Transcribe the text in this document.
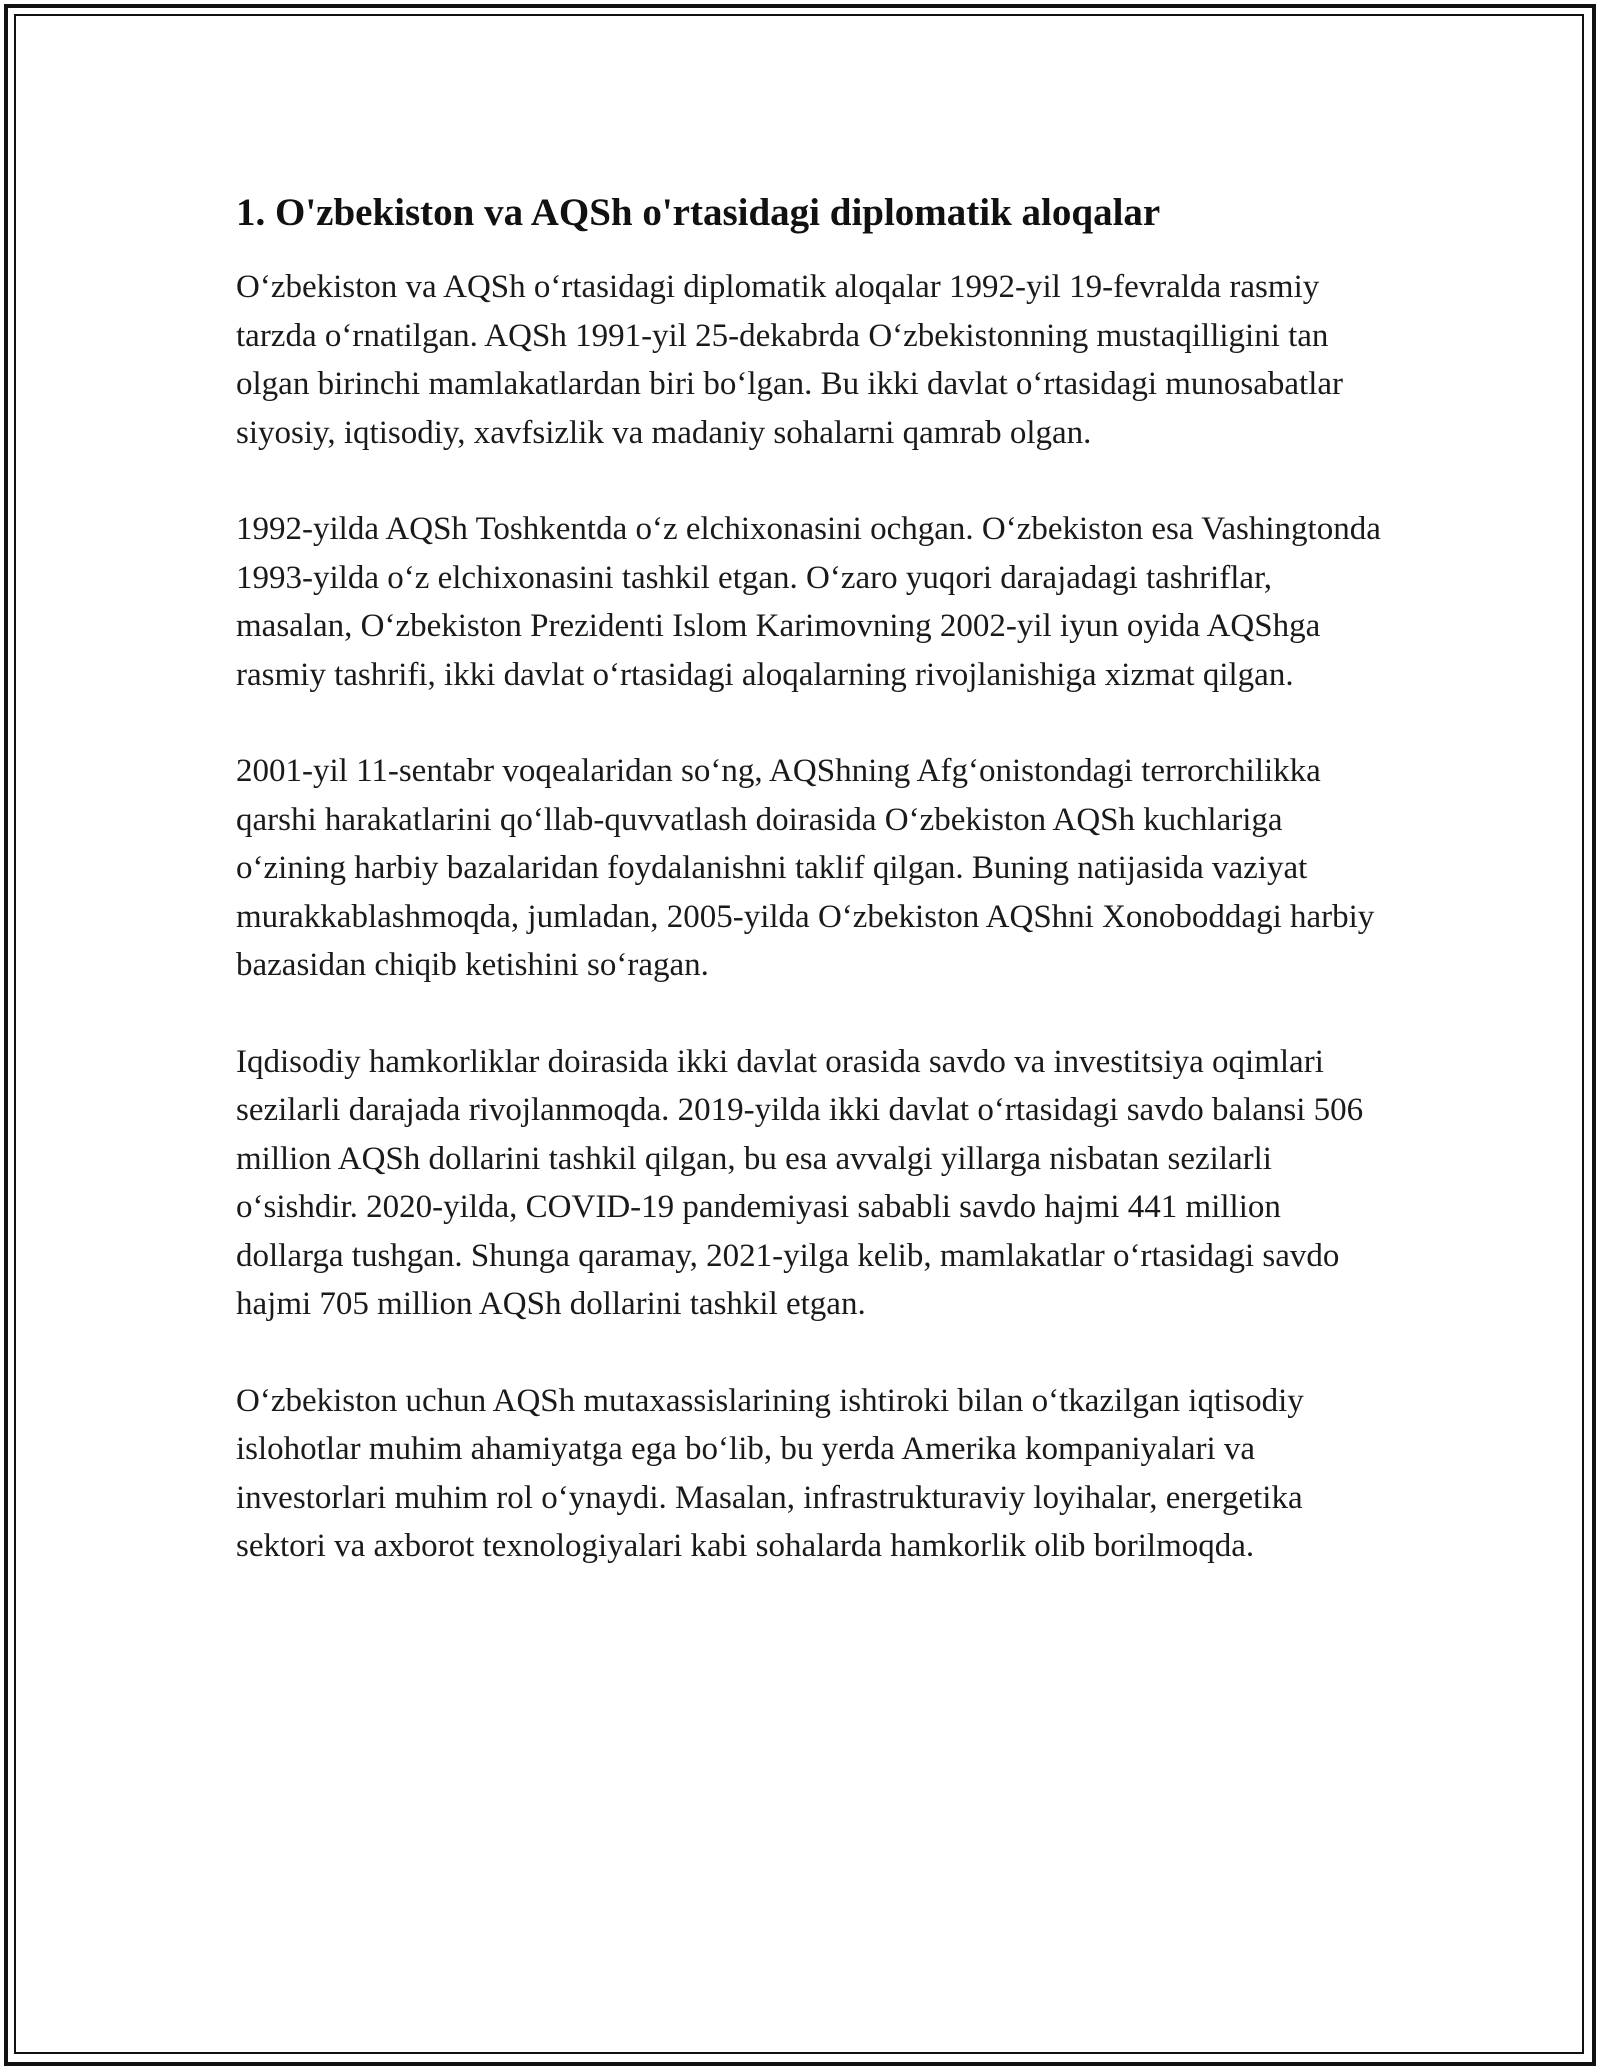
1. O'zbekiston va AQSh o'rtasidagi diplomatik aloqalar

O‘zbekiston va AQSh o‘rtasidagi diplomatik aloqalar 1992-yil 19-fevralda rasmiy tarzda o‘rnatilgan. AQSh 1991-yil 25-dekabrda O‘zbekistonning mustaqilligini tan olgan birinchi mamlakatlardan biri bo‘lgan. Bu ikki davlat o‘rtasidagi munosabatlar siyosiy, iqtisodiy, xavfsizlik va madaniy sohalarni qamrab olgan.

1992-yilda AQSh Toshkentda o‘z elchixonasini ochgan. O‘zbekiston esa Vashingtonda 1993-yilda o‘z elchixonasini tashkil etgan. O‘zaro yuqori darajadagi tashriflar, masalan, O‘zbekiston Prezidenti Islom Karimovning 2002-yil iyun oyida AQShga rasmiy tashrifi, ikki davlat o‘rtasidagi aloqalarning rivojlanishiga xizmat qilgan.

2001-yil 11-sentabr voqealaridan so‘ng, AQShning Afg‘onistondagi terrorchilikka qarshi harakatlarini qo‘llab-quvvatlash doirasida O‘zbekiston AQSh kuchlariga o‘zining harbiy bazalaridan foydalanishni taklif qilgan. Buning natijasida vaziyat murakkablashmoqda, jumladan, 2005-yilda O‘zbekiston AQShni Xonoboddagi harbiy bazasidan chiqib ketishini so‘ragan.

Iqdisodiy hamkorliklar doirasida ikki davlat orasida savdo va investitsiya oqimlari sezilarli darajada rivojlanmoqda. 2019-yilda ikki davlat o‘rtasidagi savdo balansi 506 million AQSh dollarini tashkil qilgan, bu esa avvalgi yillarga nisbatan sezilarli o‘sishdir. 2020-yilda, COVID-19 pandemiyasi sababli savdo hajmi 441 million dollarga tushgan. Shunga qaramay, 2021-yilga kelib, mamlakatlar o‘rtasidagi savdo hajmi 705 million AQSh dollarini tashkil etgan.

O‘zbekiston uchun AQSh mutaxassislarining ishtiroki bilan o‘tkazilgan iqtisodiy islohotlar muhim ahamiyatga ega bo‘lib, bu yerda Amerika kompaniyalari va investorlari muhim rol o‘ynaydi. Masalan, infrastrukturaviy loyihalar, energetika sektori va axborot texnologiyalari kabi sohalarda hamkorlik olib borilmoqda.
